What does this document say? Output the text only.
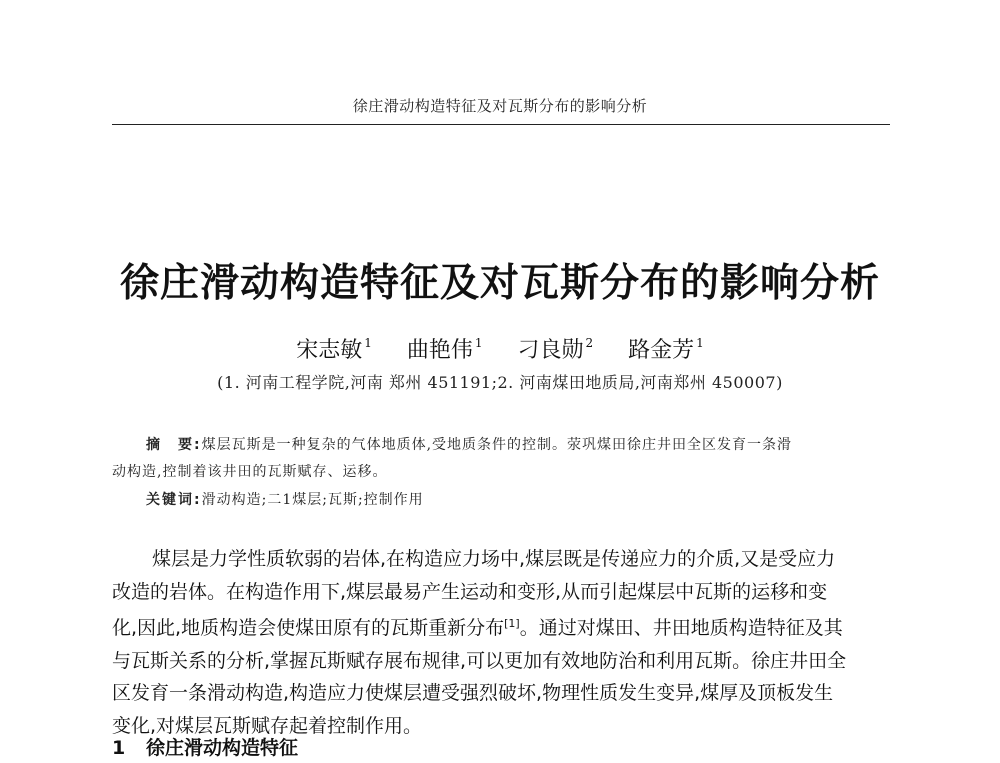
徐庄滑动构造特征及对瓦斯分布的影响分析
徐庄滑动构造特征及对瓦斯分布的影响分析
宋志敏 $^1$ 曲艳伟 $^1$ 刁良勋 $^2$ 路金芳 $^1$
(1. 河南工程学院,河南 郑州 451191;2. 河南煤田地质局,河南郑州 450007)
摘　要:煤层瓦斯是一种复杂的气体地质体,受地质条件的控制。荥巩煤田徐庄井田全区发育一条滑
动构造,控制着该井田的瓦斯赋存、运移。
关键词:滑动构造;二1煤层;瓦斯;控制作用
煤层是力学性质软弱的岩体,在构造应力场中,煤层既是传递应力的介质,又是受应力
改造的岩体。在构造作用下,煤层最易产生运动和变形,从而引起煤层中瓦斯的运移和变
化,因此,地质构造会使煤田原有的瓦斯重新分布[1]。通过对煤田、井田地质构造特征及其
与瓦斯关系的分析,掌握瓦斯赋存展布规律,可以更加有效地防治和利用瓦斯。徐庄井田全
区发育一条滑动构造,构造应力使煤层遭受强烈破坏,物理性质发生变异,煤厚及顶板发生
变化,对煤层瓦斯赋存起着控制作用。
1 徐庄滑动构造特征
